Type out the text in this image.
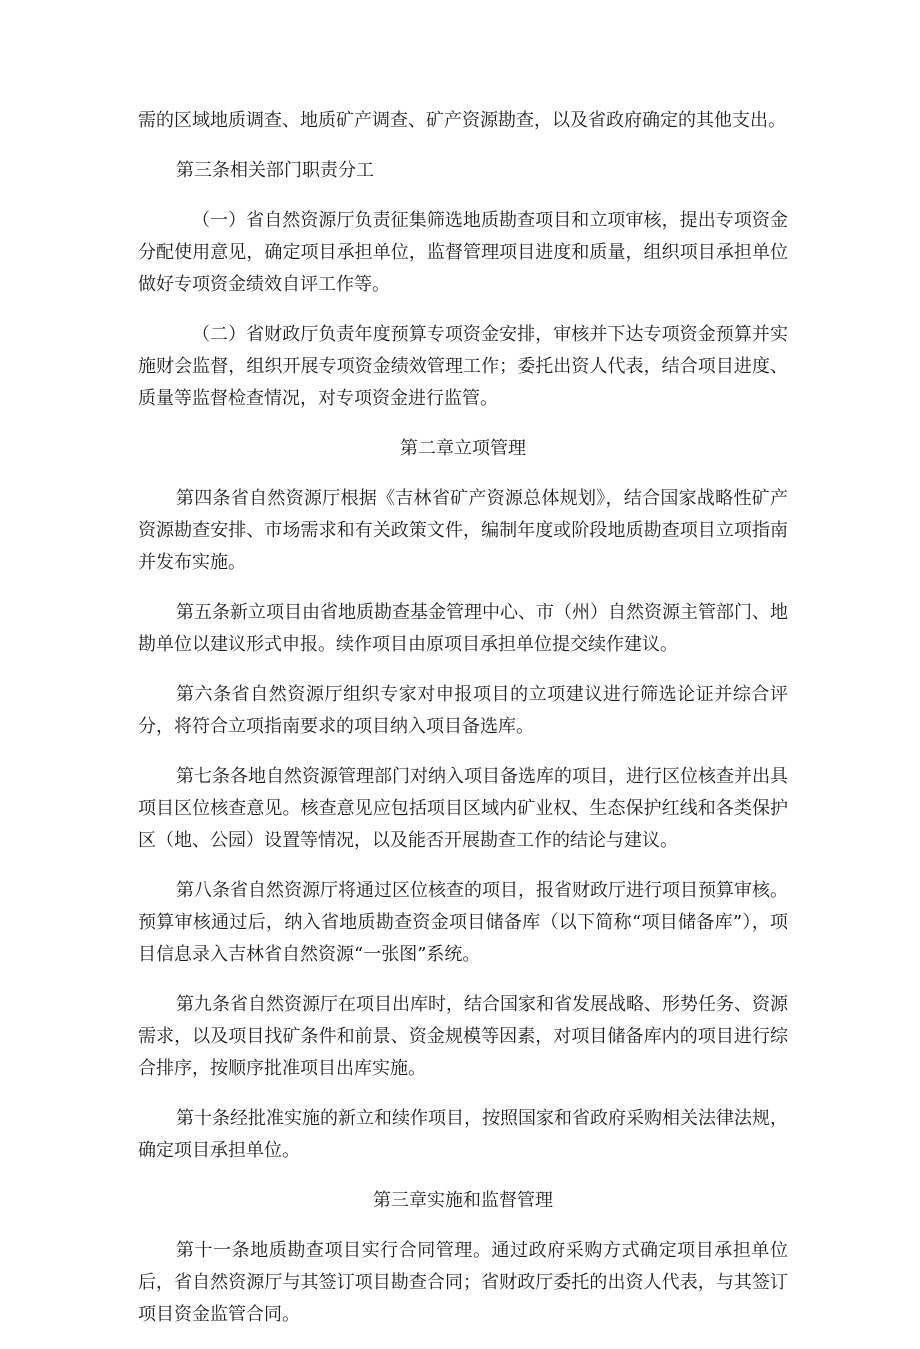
需的区域地质调查、地质矿产调查、矿产资源勘查，以及省政府确定的其他支出。

第三条相关部门职责分工

（一）省自然资源厅负责征集筛选地质勘查项目和立项审核，提出专项资金分配使用意见，确定项目承担单位，监督管理项目进度和质量，组织项目承担单位做好专项资金绩效自评工作等。

（二）省财政厅负责年度预算专项资金安排，审核并下达专项资金预算并实施财会监督，组织开展专项资金绩效管理工作；委托出资人代表，结合项目进度、质量等监督检查情况，对专项资金进行监管。

第二章立项管理

第四条省自然资源厅根据《吉林省矿产资源总体规划》，结合国家战略性矿产资源勘查安排、市场需求和有关政策文件，编制年度或阶段地质勘查项目立项指南并发布实施。

第五条新立项目由省地质勘查基金管理中心、市（州）自然资源主管部门、地勘单位以建议形式申报。续作项目由原项目承担单位提交续作建议。

第六条省自然资源厅组织专家对申报项目的立项建议进行筛选论证并综合评分，将符合立项指南要求的项目纳入项目备选库。

第七条各地自然资源管理部门对纳入项目备选库的项目，进行区位核查并出具项目区位核查意见。核查意见应包括项目区域内矿业权、生态保护红线和各类保护区（地、公园）设置等情况，以及能否开展勘查工作的结论与建议。

第八条省自然资源厅将通过区位核查的项目，报省财政厅进行项目预算审核。预算审核通过后，纳入省地质勘查资金项目储备库（以下简称“项目储备库”），项目信息录入吉林省自然资源“一张图”系统。

第九条省自然资源厅在项目出库时，结合国家和省发展战略、形势任务、资源需求，以及项目找矿条件和前景、资金规模等因素，对项目储备库内的项目进行综合排序，按顺序批准项目出库实施。

第十条经批准实施的新立和续作项目，按照国家和省政府采购相关法律法规，确定项目承担单位。

第三章实施和监督管理

第十一条地质勘查项目实行合同管理。通过政府采购方式确定项目承担单位后，省自然资源厅与其签订项目勘查合同；省财政厅委托的出资人代表，与其签订项目资金监管合同。
